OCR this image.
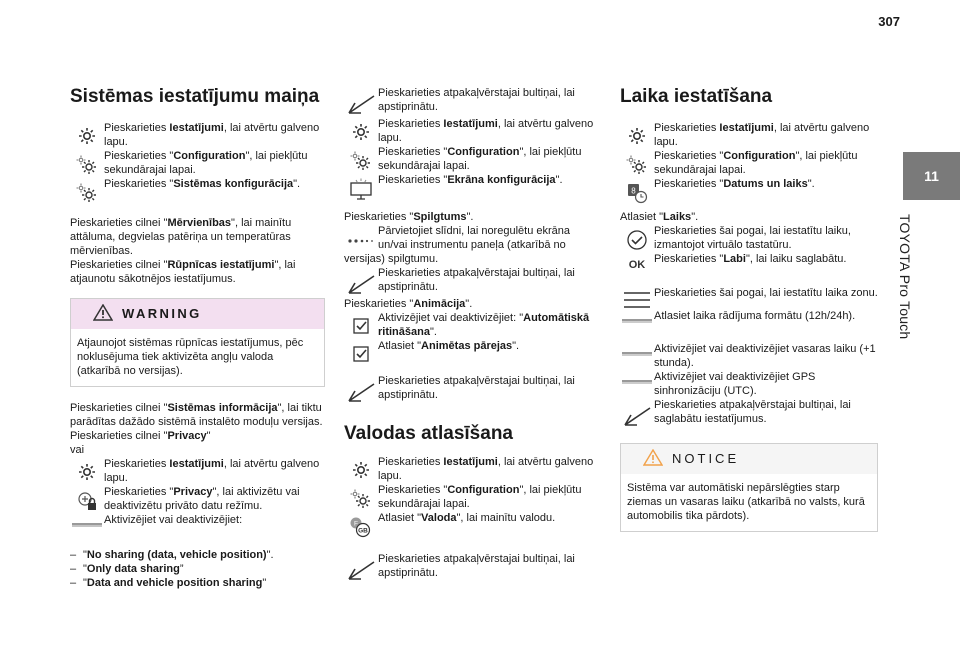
307
11
TOYOTA Pro Touch
Sistēmas iestatījumu maiņa
Pieskarieties Iestatījumi, lai atvērtu galveno lapu.
Pieskarieties "Configuration", lai piekļūtu sekundārajai lapai.
Pieskarieties "Sistēmas konfigurācija".

Pieskarieties cilnei "Mērvienības", lai mainītu attāluma, degvielas patēriņa un temperatūras mērvienības.

Pieskarieties cilnei "Rūpnīcas iestatījumi", lai atjaunotu sākotnējos iestatījumus.

WARNING
Atjaunojot sistēmas rūpnīcas iestatījumus, pēc noklusējuma tiek aktivizēta angļu valoda (atkarībā no versijas).

Pieskarieties cilnei "Sistēmas informācija", lai tiktu parādītas dažādo sistēmā instalēto moduļu versijas.

Pieskarieties cilnei "Privacy"

vai

Pieskarieties Iestatījumi, lai atvērtu galveno lapu.
Pieskarieties "Privacy", lai aktivizētu vai deaktivizētu privāto datu režīmu.
Aktivizējiet vai deaktivizējiet:
– "No sharing (data, vehicle position)".
– "Only data sharing”
– "Data and vehicle position sharing"
Pieskarieties atpakaļvērstajai bultiņai, lai apstiprinātu.
Pieskarieties Iestatījumi, lai atvērtu galveno lapu.
Pieskarieties "Configuration", lai piekļūtu sekundārajai lapai.
Pieskarieties "Ekrāna konfigurācija".

Pieskarieties "Spilgtums".

Pārvietojiet slīdni, lai noregulētu ekrāna un/vai instrumentu paneļa (atkarībā no

versijas) spilgtumu.

Pieskarieties atpakaļvērstajai bultiņai, lai apstiprinātu.

Pieskarieties "Animācija".

Aktivizējiet vai deaktivizējiet: "Automātiskā ritināšana".
Atlasiet "Animētas pārejas".
Pieskarieties atpakaļvērstajai bultiņai, lai apstiprinātu.
Valodas atlasīšana
Pieskarieties Iestatījumi, lai atvērtu galveno lapu.
Pieskarieties "Configuration", lai piekļūtu sekundārajai lapai.
F
GB
Atlasiet "Valoda", lai mainītu valodu.
Pieskarieties atpakaļvērstajai bultiņai, lai apstiprinātu.
Laika iestatīšana
Pieskarieties Iestatījumi, lai atvērtu galveno lapu.
Pieskarieties "Configuration", lai piekļūtu sekundārajai lapai.
8
Pieskarieties "Datums un laiks".

Atlasiet "Laiks".

Pieskarieties šai pogai, lai iestatītu laiku, izmantojot virtuālo tastatūru.
OK Pieskarieties "Labi", lai laiku saglabātu.
Pieskarieties šai pogai, lai iestatītu laika zonu.
Atlasiet laika rādījuma formātu (12h/24h).
Aktivizējiet vai deaktivizējiet vasaras laiku (+1 stunda).
Aktivizējiet vai deaktivizējiet GPS sinhronizāciju (UTC).
Pieskarieties atpakaļvērstajai bultiņai, lai saglabātu iestatījumus.
NOTICE
Sistēma var automātiski nepārslēgties starp ziemas un vasaras laiku (atkarībā no valsts, kurā automobilis tika pārdots).
